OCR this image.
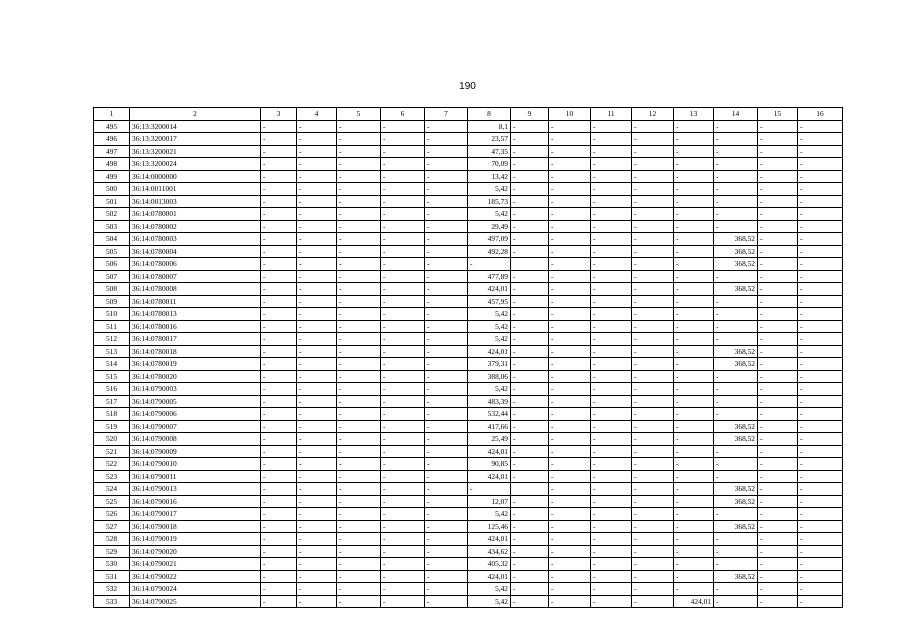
190
1	2	3	4	5	6	7	8	9	10	11	12	13	14	15	16
495	36:13:3200014	-	-	-	-	-	8,1	-	-	-	-	-	-	-	-
496	36:13:3200017	-	-	-	-	-	23,57	-	-	-	-	-	-	-	-
497	36:13:3200021	-	-	-	-	-	47,35	-	-	-	-	-	-	-	-
498	36:13:3200024	-	-	-	-	-	70,09	-	-	-	-	-	-	-	-
499	36:14:0000000	-	-	-	-	-	13,42	-	-	-	-	-	-	-	-
500	36:14:0011001	-	-	-	-	-	5,42	-	-	-	-	-	-	-	-
501	36:14:0013003	-	-	-	-	-	185,73	-	-	-	-	-	-	-	-
502	36:14:0780001	-	-	-	-	-	5,42	-	-	-	-	-	-	-	-
503	36:14:0780002	-	-	-	-	-	29,49	-	-	-	-	-	-	-	-
504	36:14:0780003	-	-	-	-	-	497,09	-	-	-	-	-	368,52	-	-
505	36:14:0780004	-	-	-	-	-	492,28	-	-	-	-	-	368,52	-	-
506	36:14:0780006	-	-	-	-	-	-		-	-	-	-	368,52	-	-
507	36:14:0780007	-	-	-	-	-	477,89	-	-	-	-	-	-	-	-
508	36:14:0780008	-	-	-	-	-	424,01	-	-	-	-	-	368,52	-	-
509	36:14:0780011	-	-	-	-	-	457,95	-	-	-	-	-	-	-	-
510	36:14:0780013	-	-	-	-	-	5,42	-	-	-	-	-	-	-	-
511	36:14:0780016	-	-	-	-	-	5,42	-	-	-	-	-	-	-	-
512	36:14:0780017	-	-	-	-	-	5,42	-	-	-	-	-	-	-	-
513	36:14:0780018	-	-	-	-	-	424,01	-	-	-	-	-	368,52	-	-
514	36:14:0780019	-	-	-	-	-	379,31	-	-	-	-	-	368,52	-	-
515	36:14:0780020	-	-	-	-	-	388,06	-	-	-	-	-	-	-	-
516	36:14:0790003	-	-	-	-	-	5,42	-	-	-	-	-	-	-	-
517	36:14:0790005	-	-	-	-	-	483,39	-	-	-	-	-	-	-	-
518	36:14:0790006	-	-	-	-	-	532,44	-	-	-	-	-	-	-	-
519	36:14:0790007	-	-	-	-	-	417,66	-	-	-	-	-	368,52	-	-
520	36:14:0790008	-	-	-	-	-	25,49	-	-	-	-	-	368,52	-	-
521	36:14:0790009	-	-	-	-	-	424,01	-	-	-	-	-	-	-	-
522	36:14:0790010	-	-	-	-	-	90,85	-	-	-	-	-	-	-	-
523	36:14:0790011	-	-	-	-	-	424,01	-	-	-	-	-	-	-	-
524	36:14:0790013	-	-	-	-	-	-		-	-	-	-	368,52	-	-
525	36:14:0790016	-	-	-	-	-	12,07	-	-	-	-	-	368,52	-	-
526	36:14:0790017	-	-	-	-	-	5,42	-	-	-	-	-	-	-	-
527	36:14:0790018	-	-	-	-	-	125,46	-	-	-	-	-	368,52	-	-
528	36:14:0790019	-	-	-	-	-	424,01	-	-	-	-	-	-	-	-
529	36:14:0790020	-	-	-	-	-	434,62	-	-	-	-	-	-	-	-
530	36:14:0790021	-	-	-	-	-	405,32	-	-	-	-	-	-	-	-
531	36:14:0790022	-	-	-	-	-	424,01	-	-	-	-	-	368,52	-	-
532	36:14:0790024	-	-	-	-	-	5,42	-	-	-	-	-	-	-	-
533	36:14:0790025	-	-	-	-	-	5,42	-	-	-	-	424,01	-	-	-
